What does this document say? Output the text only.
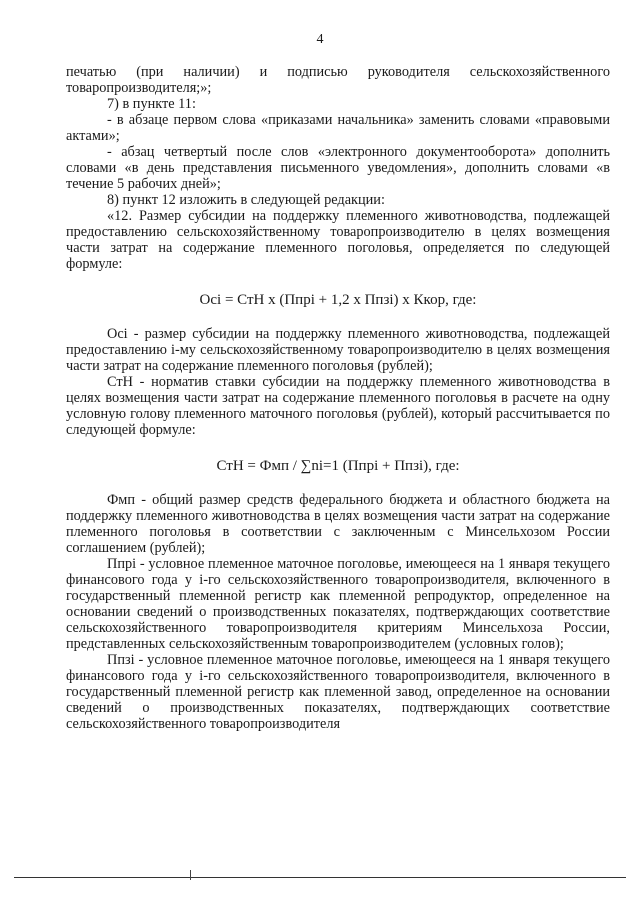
4

печатью (при наличии) и подписью руководителя сельскохозяйственного товаропроизводителя;»;

7) в пункте 11:

- в абзаце первом слова «приказами начальника» заменить словами «правовыми актами»;

- абзац четвертый после слов «электронного документооборота» дополнить словами «в день представления письменного уведомления», дополнить словами «в течение 5 рабочих дней»;

8) пункт 12 изложить в следующей редакции:

«12. Размер субсидии на поддержку племенного животноводства, подлежащей предоставлению сельскохозяйственному товаропроизводителю в целях возмещения части затрат на содержание племенного поголовья, определяется по следующей формуле:

Осi = СтН х (Ппрi + 1,2 х Ппзi) х Ккор, где:

Осi - размер субсидии на поддержку племенного животноводства, подлежащей предоставлению i-му сельскохозяйственному товаропроизводителю в целях возмещения части затрат на содержание племенного поголовья (рублей);

СтН - норматив ставки субсидии на поддержку племенного животноводства в целях возмещения части затрат на содержание племенного поголовья в расчете на одну условную голову племенного маточного поголовья (рублей), который рассчитывается по следующей формуле:

СтН = Фмп / ∑ni=1 (Ппрi + Ппзi), где:

Фмп - общий размер средств федерального бюджета и областного бюджета на поддержку племенного животноводства в целях возмещения части затрат на содержание племенного поголовья в соответствии с заключенным с Минсельхозом России соглашением (рублей);

Ппрi - условное племенное маточное поголовье, имеющееся на 1 января текущего финансового года у i-го сельскохозяйственного товаропроизводителя, включенного в государственный племенной регистр как племенной репродуктор, определенное на основании сведений о производственных показателях, подтверждающих соответствие сельскохозяйственного товаропроизводителя критериям Минсельхоза России, представленных сельскохозяйственным товаропроизводителем (условных голов);

Ппзi - условное племенное маточное поголовье, имеющееся на 1 января текущего финансового года у i-го сельскохозяйственного товаропроизводителя, включенного в государственный племенной регистр как племенной завод, определенное на основании сведений о производственных показателях, подтверждающих соответствие сельскохозяйственного товаропроизводителя
